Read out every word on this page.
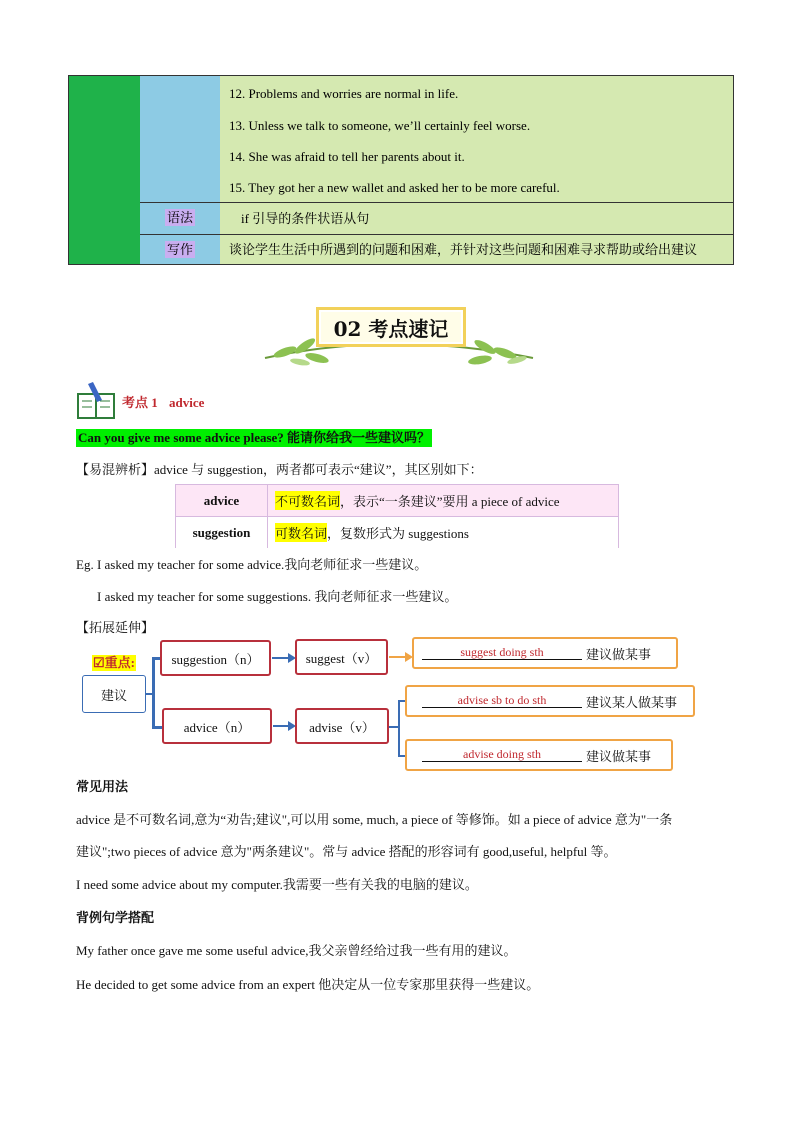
12. Problems and worries are normal in life.
13. Unless we talk to someone, we’ll certainly feel worse.
14. She was afraid to tell her parents about it.
15. They got her a new wallet and asked her to be more careful.
语法	if 引导的条件状语从句
写作	谈论学生生活中所遇到的问题和困难，并针对这些问题和困难寻求帮助或给出建议
02 考点速记
考点 1 advice
Can you give me some advice please? 能请你给我一些建议吗？
【易混辨析】advice 与 suggestion，两者都可表示“建议”，其区别如下：
advice	不可数名词 ，表示“一条建议”要用 a piece of advice
suggestion	可数名词 ，复数形式为 suggestions
Eg. I asked my teacher for some advice.我向老师征求一些建议。
I asked my teacher for some suggestions. 我向老师征求一些建议。
【拓展延伸】
☑重点:
建议
suggestion（n）
advice（n）
suggest（v）
advise（v）
suggest doing sth	建议做某事
advise sb to do sth	建议某人做某事
advise doing sth	建议做某事
常见用法
advice 是不可数名词,意为“劝告;建议",可以用 some, much, a piece of 等修饰。如 a piece of advice 意为"一条
建议";two pieces of advice 意为"两条建议"。常与 advice 搭配的形容词有 good,useful, helpful 等。
I need some advice about my computer.我需要一些有关我的电脑的建议。
背例句学搭配
My father once gave me some useful advice,我父亲曾经给过我一些有用的建议。
He decided to get some advice from an expert 他决定从一位专家那里获得一些建议。
